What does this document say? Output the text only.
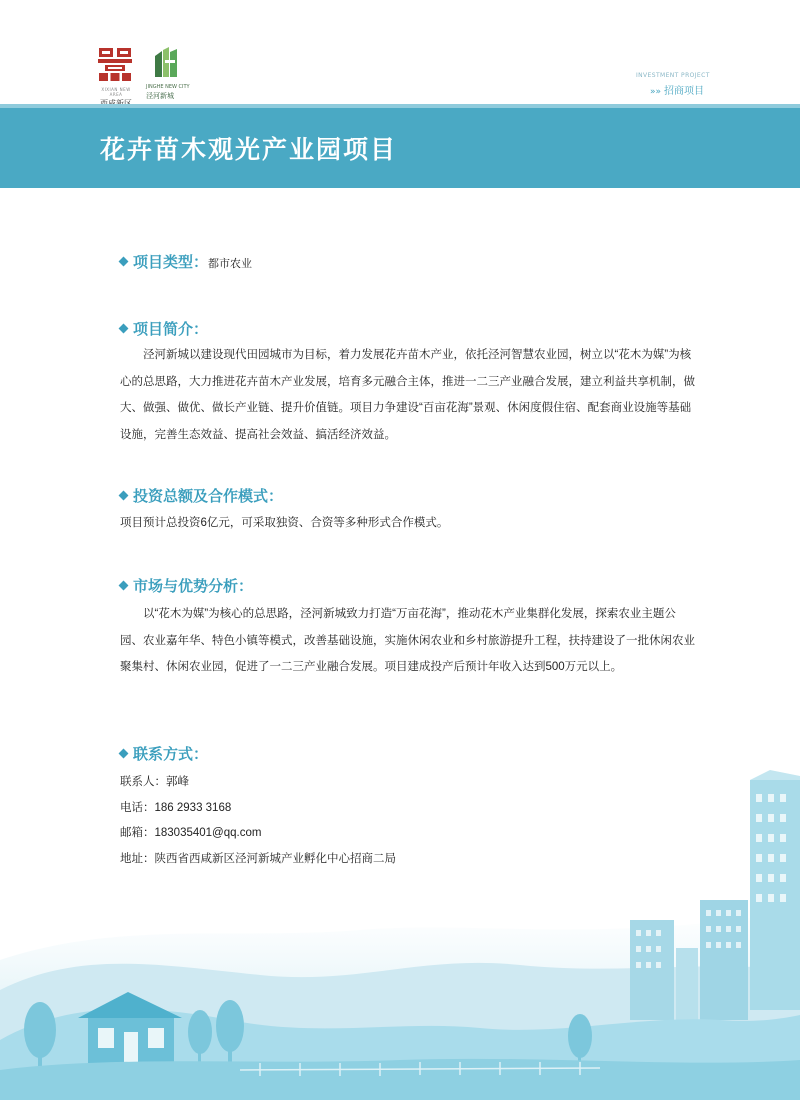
XIXIAN NEW AREA
JINGHE NEW CITY
泾河新城
INVESTMENT PROJECT
»» 招商项目
花卉苗木观光产业园项目
项目类型：都市农业
项目简介：
泾河新城以建设现代田园城市为目标，着力发展花卉苗木产业，依托泾河智慧农业园，树立以“花木为媒”为核心的总思路，大力推进花卉苗木产业发展，培育多元融合主体，推进一二三产业融合发展，建立利益共享机制，做大、做强、做优、做长产业链、提升价值链。项目力争建设“百亩花海”景观、休闲度假住宿、配套商业设施等基础设施，完善生态效益、提高社会效益、搞活经济效益。
投资总额及合作模式：
项目预计总投资6亿元，可采取独资、合资等多种形式合作模式。
市场与优势分析：
以“花木为媒”为核心的总思路，泾河新城致力打造“万亩花海”，推动花木产业集群化发展，探索农业主题公园、农业嘉年华、特色小镇等模式，改善基础设施，实施休闲农业和乡村旅游提升工程，扶持建设了一批休闲农业聚集村、休闲农业园，促进了一二三产业融合发展。项目建成投产后预计年收入达到500万元以上。
联系方式：
联系人：郭峰
电话：186 2933 3168
邮箱：183035401@qq.com
地址：陕西省西咸新区泾河新城产业孵化中心招商二局
